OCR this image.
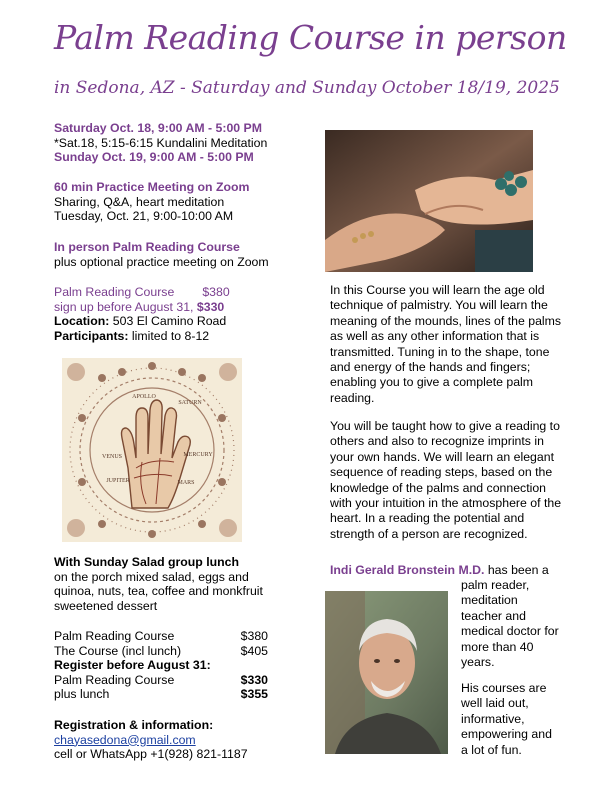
Palm Reading Course in person
in Sedona, AZ - Saturday and Sunday October 18/19, 2025
Saturday Oct. 18, 9:00 AM - 5:00 PM
*Sat.18, 5:15-6:15 Kundalini Meditation
Sunday Oct. 19, 9:00 AM - 5:00 PM
60 min Practice Meeting on Zoom
Sharing, Q&A, heart meditation
Tuesday, Oct. 21, 9:00-10:00 AM
In person Palm Reading Course
plus optional practice meeting on Zoom
Palm Reading Course $380
sign up before August 31, $330
Location: 503 El Camino Road
Participants: limited to 8-12
APOLLO
SATURN
JUPITER	MARS
VENUS	MERCURY
With Sunday Salad group lunch
on the porch mixed salad, eggs and
quinoa, nuts, tea, coffee and monkfruit
sweetened dessert
Palm Reading Course	$380
The Course (incl lunch)	$405
Register before August 31:
Palm Reading Course	$330
plus lunch	$355
Registration & information:
chayasedona@gmail.com
cell or WhatsApp +1(928) 821-1187
In this Course you will learn the age old technique of palmistry. You will learn the meaning of the mounds, lines of the palms as well as any other information that is transmitted. Tuning in to the shape, tone and energy of the hands and fingers; enabling you to give a complete palm reading.
You will be taught how to give a reading to others and also to recognize imprints in your own hands. We will learn an elegant sequence of reading steps, based on the knowledge of the palms and connection with your intuition in the atmosphere of the heart. In a reading the potential and strength of a person are recognized.
Indi Gerald Bronstein M.D. has been a
palm reader,
meditation
teacher and
medical doctor for
more than 40
years.
His courses are
well laid out,
informative,
empowering and
a lot of fun.
